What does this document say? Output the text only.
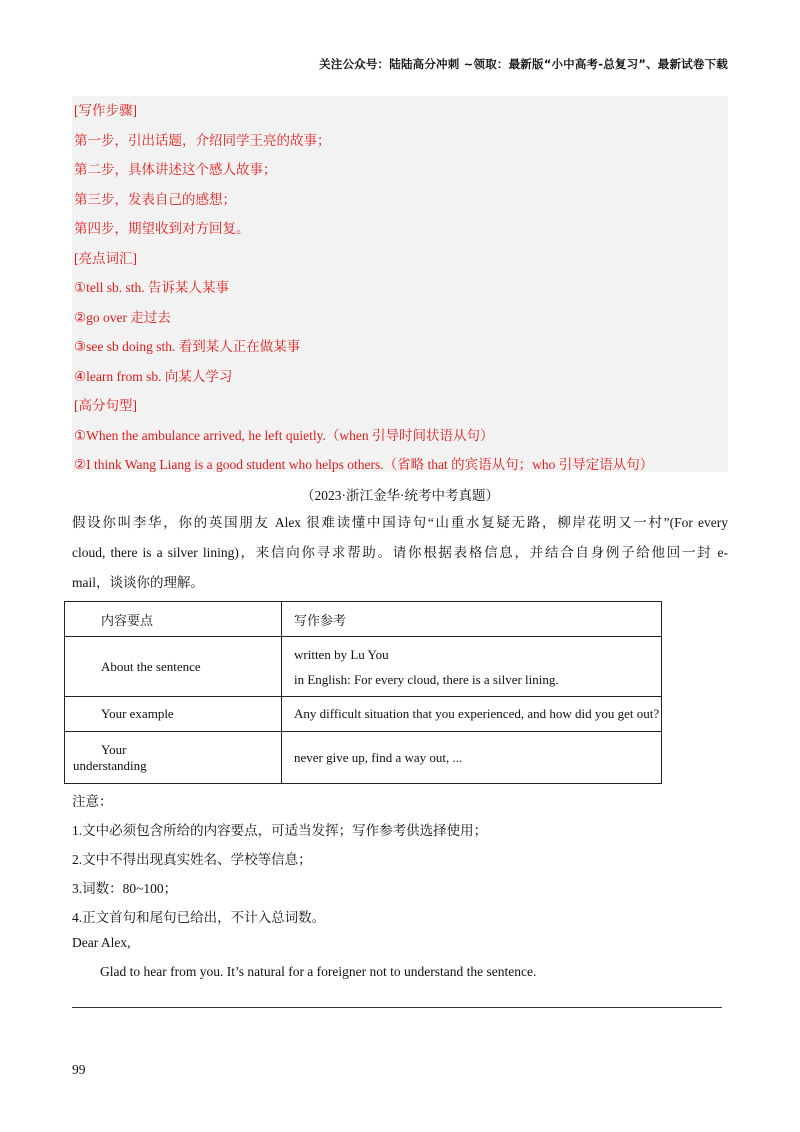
关注公众号：陆陆高分冲刺 ~领取：最新版“小中高考-总复习”、最新试卷下载
[写作步骤]
第一步，引出话题，介绍同学王亮的故事；
第二步，具体讲述这个感人故事；
第三步，发表自己的感想；
第四步，期望收到对方回复。
[亮点词汇]
①tell sb. sth. 告诉某人某事
②go over 走过去
③see sb doing sth. 看到某人正在做某事
④learn from sb. 向某人学习
[高分句型]
①When the ambulance arrived, he left quietly.（when 引导时间状语从句）
②I think Wang Liang is a good student who helps others.（省略 that 的宾语从句；who 引导定语从句）
（2023·浙江金华·统考中考真题）
假设你叫李华，你的英国朋友 Alex 很难读懂中国诗句“山重水复疑无路，柳岸花明又一村”(For every
cloud, there is a silver lining)，来信向你寻求帮助。请你根据表格信息，并结合自身例子给他回一封 e-
mail，谈谈你的理解。
内容要点	写作参考
About the sentence	written by Lu You
in English: For every cloud, there is a silver lining.

Your example	Any difficult situation that you experienced, and how did you get out?

Your
understanding	never give up, find a way out, ...
注意：
1.文中必须包含所给的内容要点，可适当发挥；写作参考供选择使用；
2.文中不得出现真实姓名、学校等信息；
3.词数：80~100；
4.正文首句和尾句已给出，不计入总词数。
Dear Alex,
Glad to hear from you. It’s natural for a foreigner not to understand the sentence.
99
